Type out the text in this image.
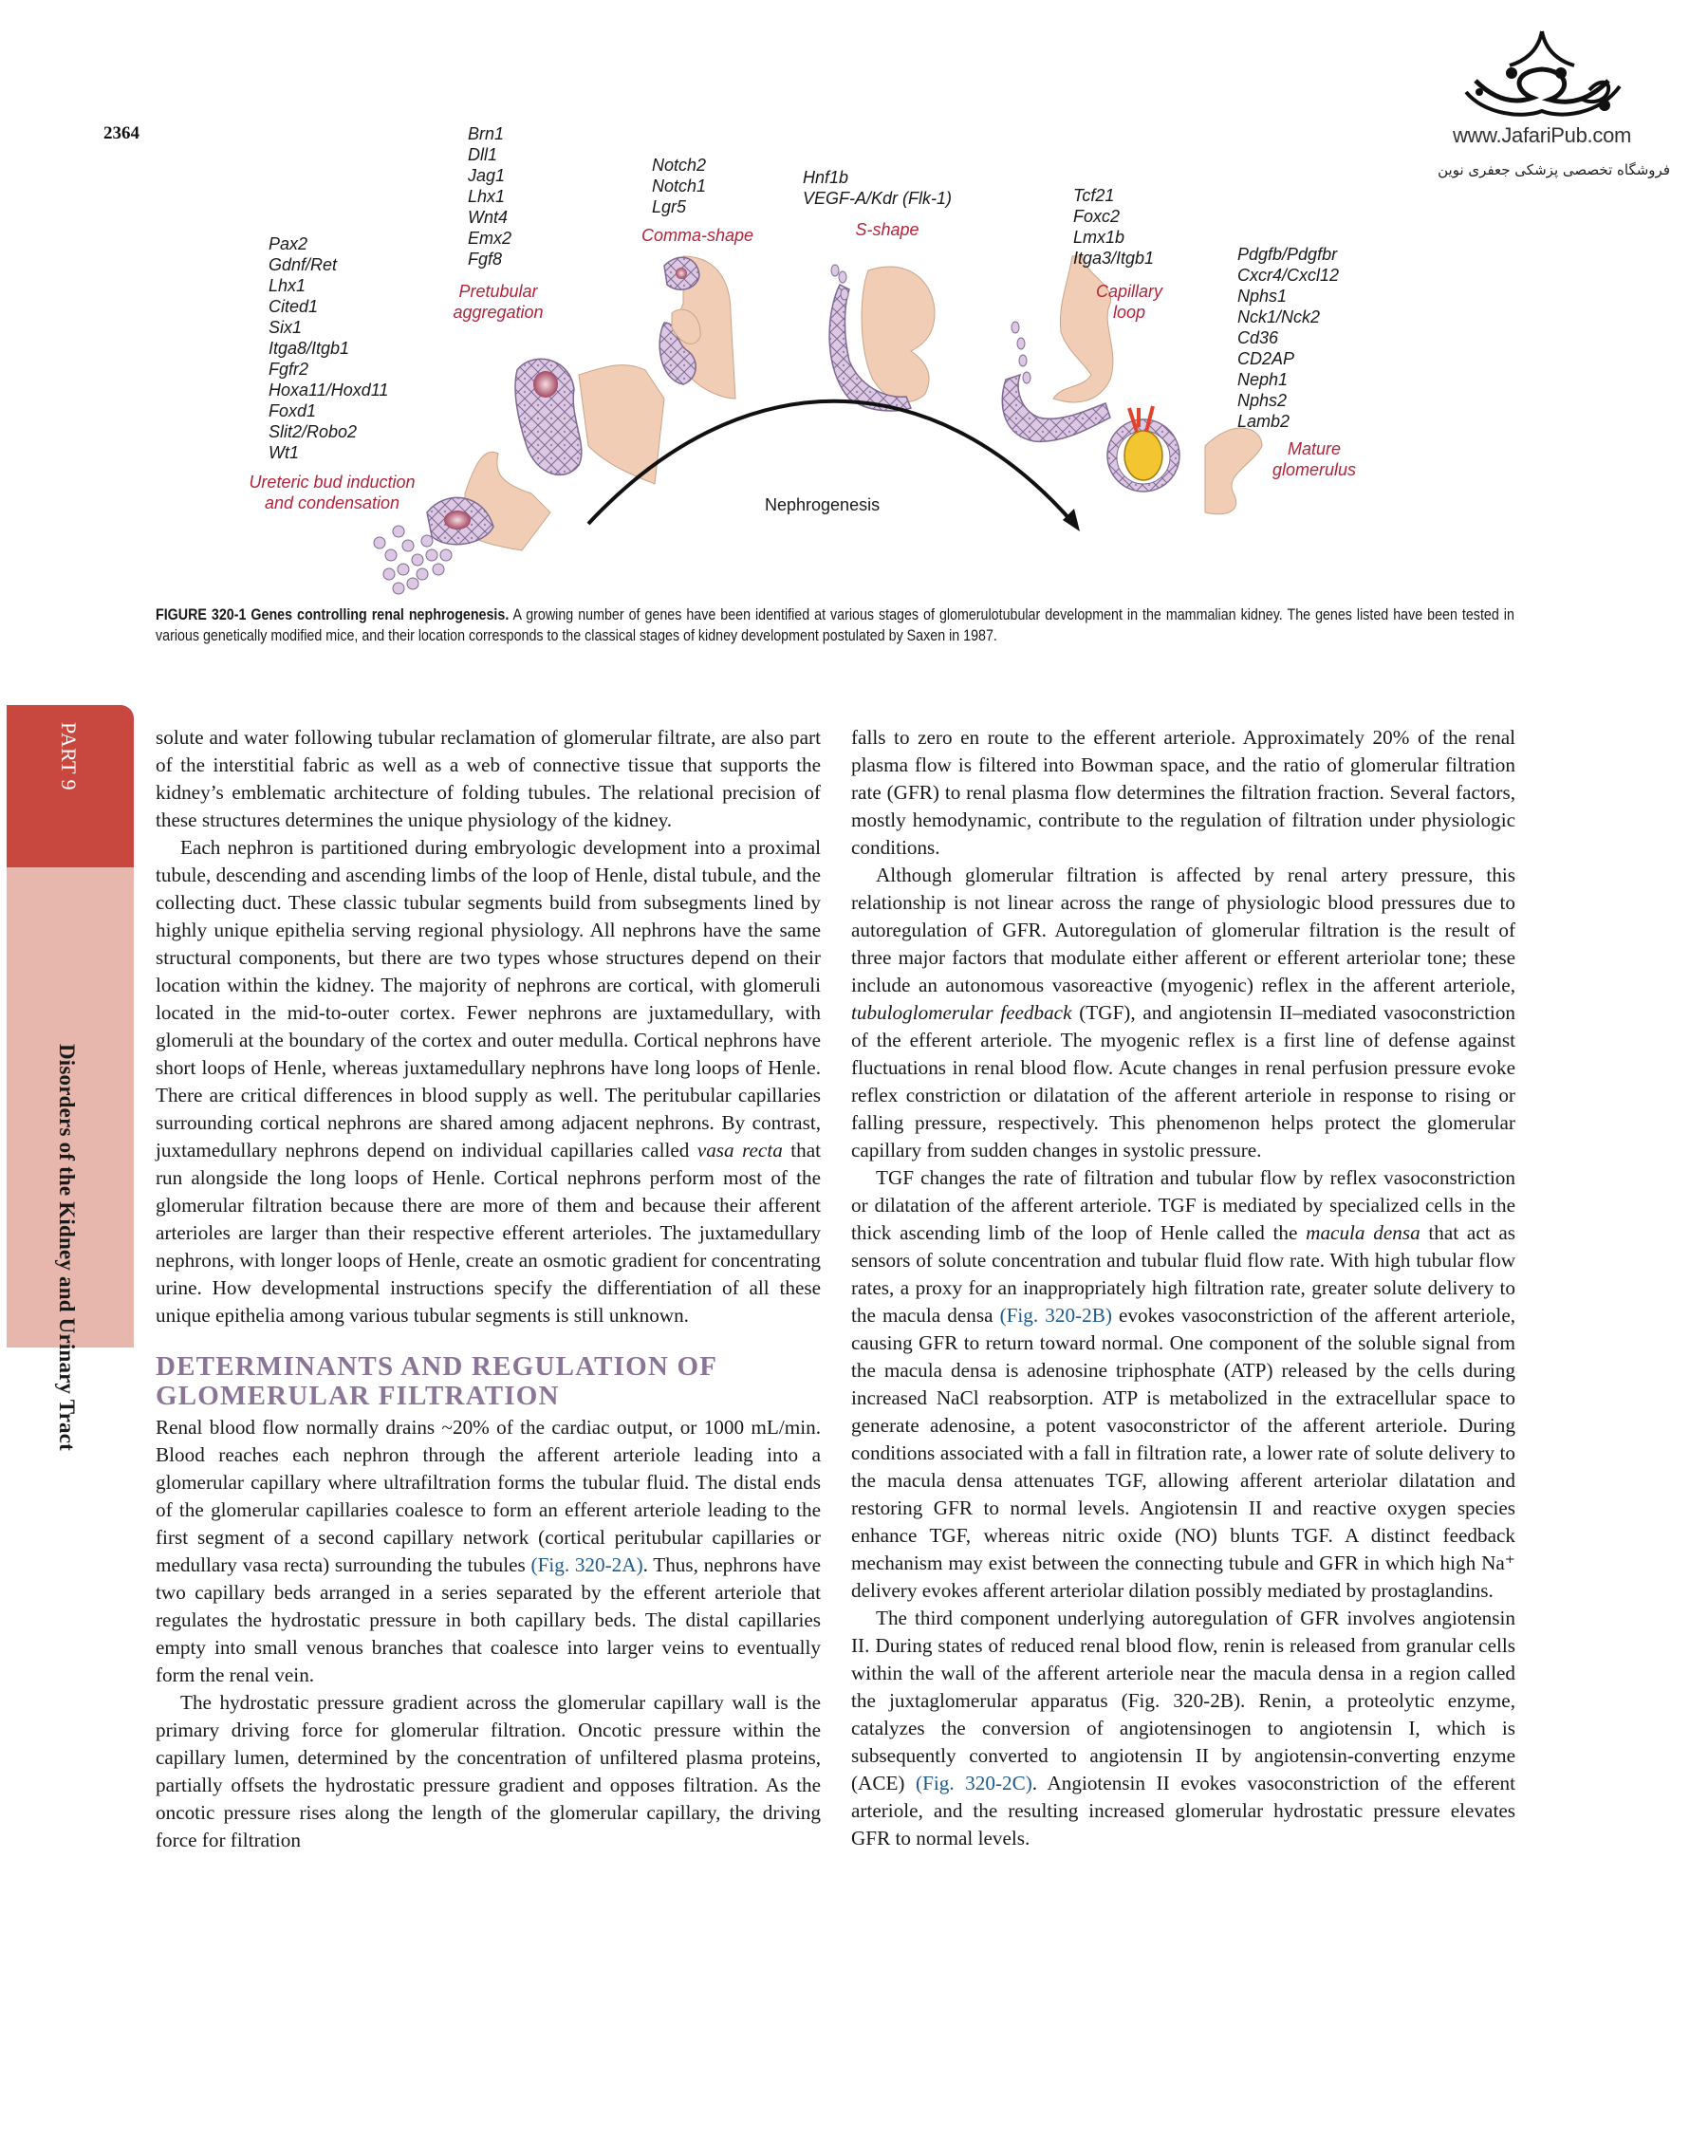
2364	www.JafariPub.com
فروشگاه تخصصی پزشکی جعفری نوین
Pax2
Gdnf/Ret
Lhx1
Cited1
Six1
Itga8/Itgb1
Fgfr2
Hoxa11/Hoxd11
Foxd1
Slit2/Robo2
Wt1
Ureteric bud induction
and condensation
Brn1
Dll1
Jag1
Lhx1
Wnt4
Emx2
Fgf8
Pretubular
aggregation
Notch2
Notch1
Lgr5
Comma-shape
Hnf1b
VEGF-A/Kdr (Flk-1)
S-shape
Tcf21
Foxc2
Lmx1b
Itga3/Itgb1
Capillary
loop
Pdgfb/Pdgfbr
Cxcr4/Cxcl12
Nphs1
Nck1/Nck2
Cd36
CD2AP
Neph1
Nphs2
Lamb2
Mature
glomerulus
Nephrogenesis
FIGURE 320-1 Genes controlling renal nephrogenesis. A growing number of genes have been identified at various stages of glomerulotubular development in the mammalian kidney. The genes listed have been tested in various genetically modified mice, and their location corresponds to the classical stages of kidney development postulated by Saxen in 1987.
PART 9
Disorders of the Kidney and Urinary Tract

solute and water following tubular reclamation of glomerular filtrate, are also part of the interstitial fabric as well as a web of connective tissue that supports the kidney’s emblematic architecture of folding tubules. The relational precision of these structures determines the unique physiology of the kidney.

Each nephron is partitioned during embryologic development into a proximal tubule, descending and ascending limbs of the loop of Henle, distal tubule, and the collecting duct. These classic tubular segments build from subsegments lined by highly unique epithelia serving regional physiology. All nephrons have the same structural components, but there are two types whose structures depend on their location within the kidney. The majority of nephrons are cortical, with glomeruli located in the mid-to-outer cortex. Fewer nephrons are juxtamedullary, with glomeruli at the boundary of the cortex and outer medulla. Cortical nephrons have short loops of Henle, whereas juxtamedullary nephrons have long loops of Henle. There are critical differences in blood supply as well. The peritubular capillaries surrounding cortical nephrons are shared among adjacent nephrons. By contrast, juxtamedullary nephrons depend on individual capillaries called vasa recta that run alongside the long loops of Henle. Cortical nephrons perform most of the glomerular filtration because there are more of them and because their afferent arterioles are larger than their respective efferent arterioles. The juxtamedullary nephrons, with longer loops of Henle, create an osmotic gradient for concentrating urine. How developmental instructions specify the differentiation of all these unique epithelia among various tubular segments is still unknown.

DETERMINANTS AND REGULATION OF GLOMERULAR FILTRATION

Renal blood flow normally drains ~20% of the cardiac output, or 1000 mL/min. Blood reaches each nephron through the afferent arteriole leading into a glomerular capillary where ultrafiltration forms the tubular fluid. The distal ends of the glomerular capillaries coalesce to form an efferent arteriole leading to the first segment of a second capillary network (cortical peritubular capillaries or medullary vasa recta) surrounding the tubules (Fig. 320-2A). Thus, nephrons have two capillary beds arranged in a series separated by the efferent arteriole that regulates the hydrostatic pressure in both capillary beds. The distal capillaries empty into small venous branches that coalesce into larger veins to eventually form the renal vein.

The hydrostatic pressure gradient across the glomerular capillary wall is the primary driving force for glomerular filtration. Oncotic pressure within the capillary lumen, determined by the concentration of unfiltered plasma proteins, partially offsets the hydrostatic pressure gradient and opposes filtration. As the oncotic pressure rises along the length of the glomerular capillary, the driving force for filtration

falls to zero en route to the efferent arteriole. Approximately 20% of the renal plasma flow is filtered into Bowman space, and the ratio of glomerular filtration rate (GFR) to renal plasma flow determines the filtration fraction. Several factors, mostly hemodynamic, contribute to the regulation of filtration under physiologic conditions.

Although glomerular filtration is affected by renal artery pressure, this relationship is not linear across the range of physiologic blood pressures due to autoregulation of GFR. Autoregulation of glomerular filtration is the result of three major factors that modulate either afferent or efferent arteriolar tone; these include an autonomous vasoreactive (myogenic) reflex in the afferent arteriole, tubuloglomerular feedback (TGF), and angiotensin II–mediated vasoconstriction of the efferent arteriole. The myogenic reflex is a first line of defense against fluctuations in renal blood flow. Acute changes in renal perfusion pressure evoke reflex constriction or dilatation of the afferent arteriole in response to rising or falling pressure, respectively. This phenomenon helps protect the glomerular capillary from sudden changes in systolic pressure.

TGF changes the rate of filtration and tubular flow by reflex vasoconstriction or dilatation of the afferent arteriole. TGF is mediated by specialized cells in the thick ascending limb of the loop of Henle called the macula densa that act as sensors of solute concentration and tubular fluid flow rate. With high tubular flow rates, a proxy for an inappropriately high filtration rate, greater solute delivery to the macula densa (Fig. 320-2B) evokes vasoconstriction of the afferent arteriole, causing GFR to return toward normal. One component of the soluble signal from the macula densa is adenosine triphosphate (ATP) released by the cells during increased NaCl reabsorption. ATP is metabolized in the extracellular space to generate adenosine, a potent vasoconstrictor of the afferent arteriole. During conditions associated with a fall in filtration rate, a lower rate of solute delivery to the macula densa attenuates TGF, allowing afferent arteriolar dilatation and restoring GFR to normal levels. Angiotensin II and reactive oxygen species enhance TGF, whereas nitric oxide (NO) blunts TGF. A distinct feedback mechanism may exist between the connecting tubule and GFR in which high Na⁺ delivery evokes afferent arteriolar dilation possibly mediated by prostaglandins.

The third component underlying autoregulation of GFR involves angiotensin II. During states of reduced renal blood flow, renin is released from granular cells within the wall of the afferent arteriole near the macula densa in a region called the juxtaglomerular apparatus (Fig. 320-2B). Renin, a proteolytic enzyme, catalyzes the conversion of angiotensinogen to angiotensin I, which is subsequently converted to angiotensin II by angiotensin-converting enzyme (ACE) (Fig. 320-2C). Angiotensin II evokes vasoconstriction of the efferent arteriole, and the resulting increased glomerular hydrostatic pressure elevates GFR to normal levels.
